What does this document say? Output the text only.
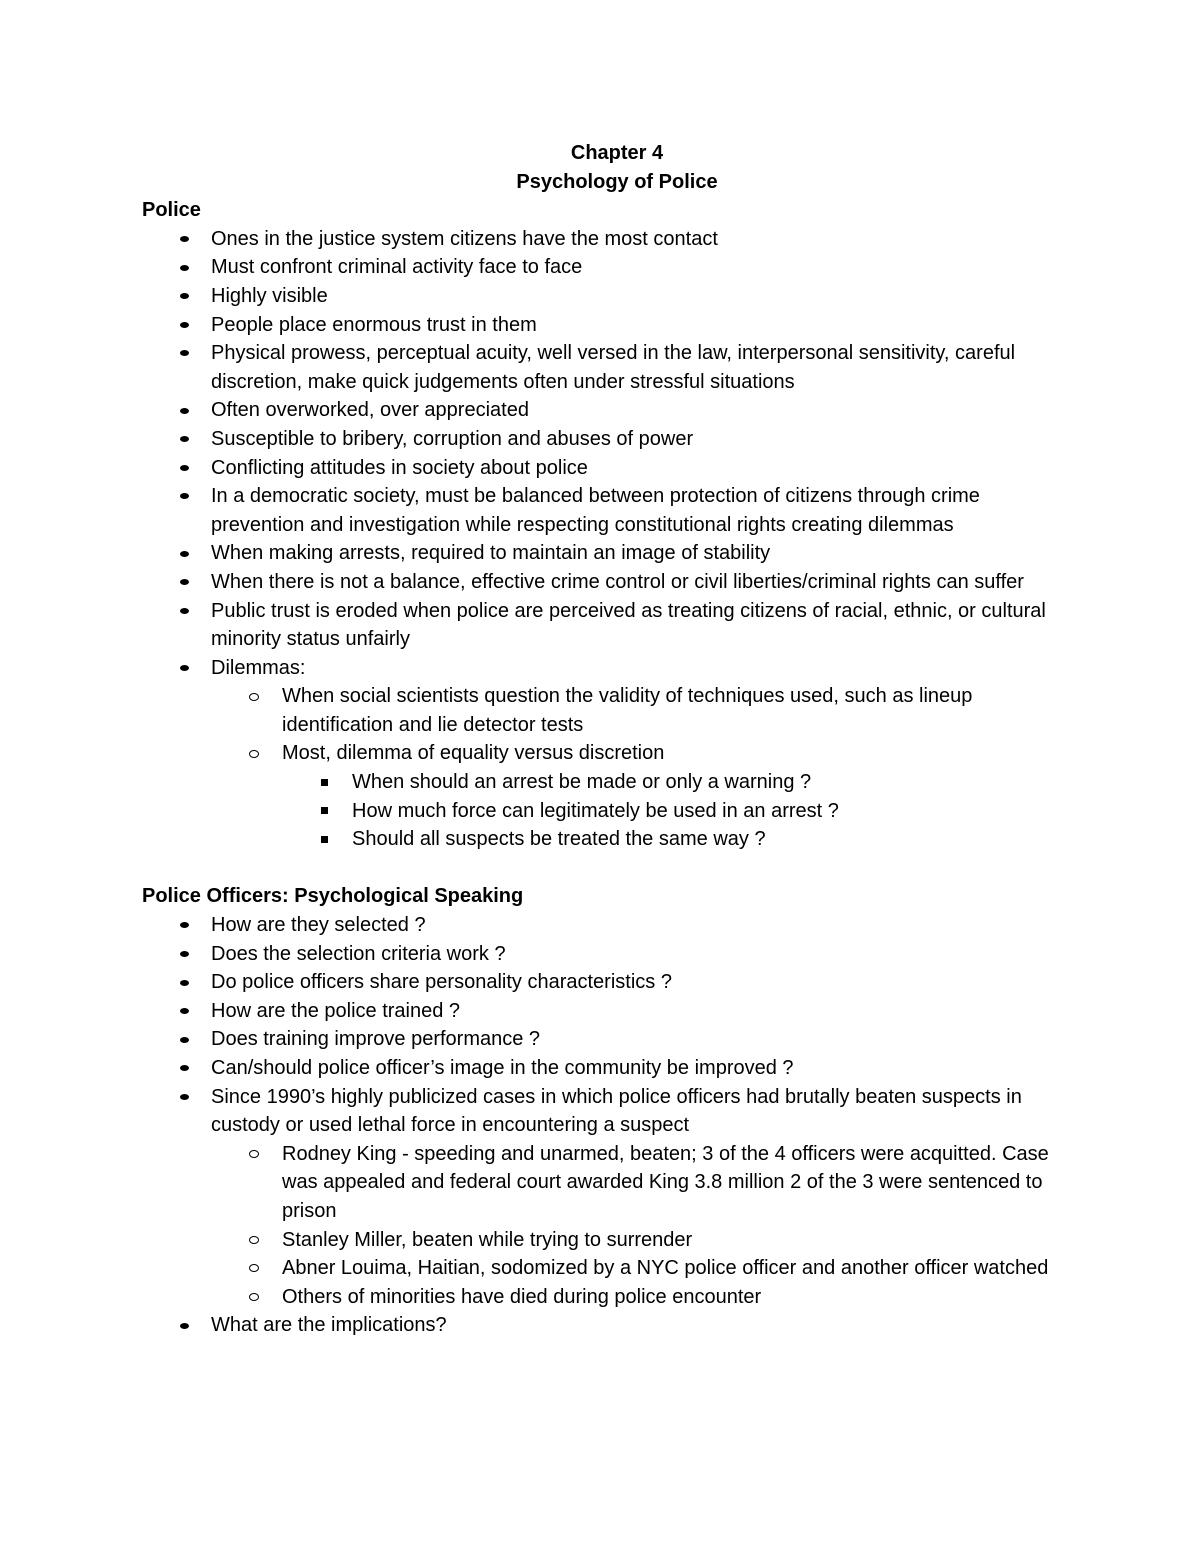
Chapter 4
Psychology of Police
Police
Ones in the justice system citizens have the most contact
Must confront criminal activity face to face
Highly visible
People place enormous trust in them
Physical prowess, perceptual acuity, well versed in the law, interpersonal sensitivity, careful discretion, make quick judgements often under stressful situations
Often overworked, over appreciated
Susceptible to bribery, corruption and abuses of power
Conflicting attitudes in society about police
In a democratic society, must be balanced between protection of citizens through crime prevention and investigation while respecting constitutional rights creating dilemmas
When making arrests, required to maintain an image of stability
When there is not a balance, effective crime control or civil liberties/criminal rights can suffer
Public trust is eroded when police are perceived as treating citizens of racial, ethnic, or cultural minority status unfairly
Dilemmas:
When social scientists question the validity of techniques used, such as lineup identification and lie detector tests
Most, dilemma of equality versus discretion
When should an arrest be made or only a warning ?
How much force can legitimately be used in an arrest ?
Should all suspects be treated the same way ?
Police Officers: Psychological Speaking
How are they selected ?
Does the selection criteria work ?
Do police officers share personality characteristics ?
How are the police trained ?
Does training improve performance ?
Can/should police officer’s image in the community be improved ?
Since 1990’s highly publicized cases in which police officers had brutally beaten suspects in custody or used lethal force in encountering a suspect
Rodney King - speeding and unarmed, beaten; 3 of the 4 officers were acquitted. Case was appealed and federal court awarded King 3.8 million 2 of the 3 were sentenced to prison
Stanley Miller, beaten while trying to surrender
Abner Louima, Haitian, sodomized by a NYC police officer and another officer watched
Others of minorities have died during police encounter
What are the implications?
